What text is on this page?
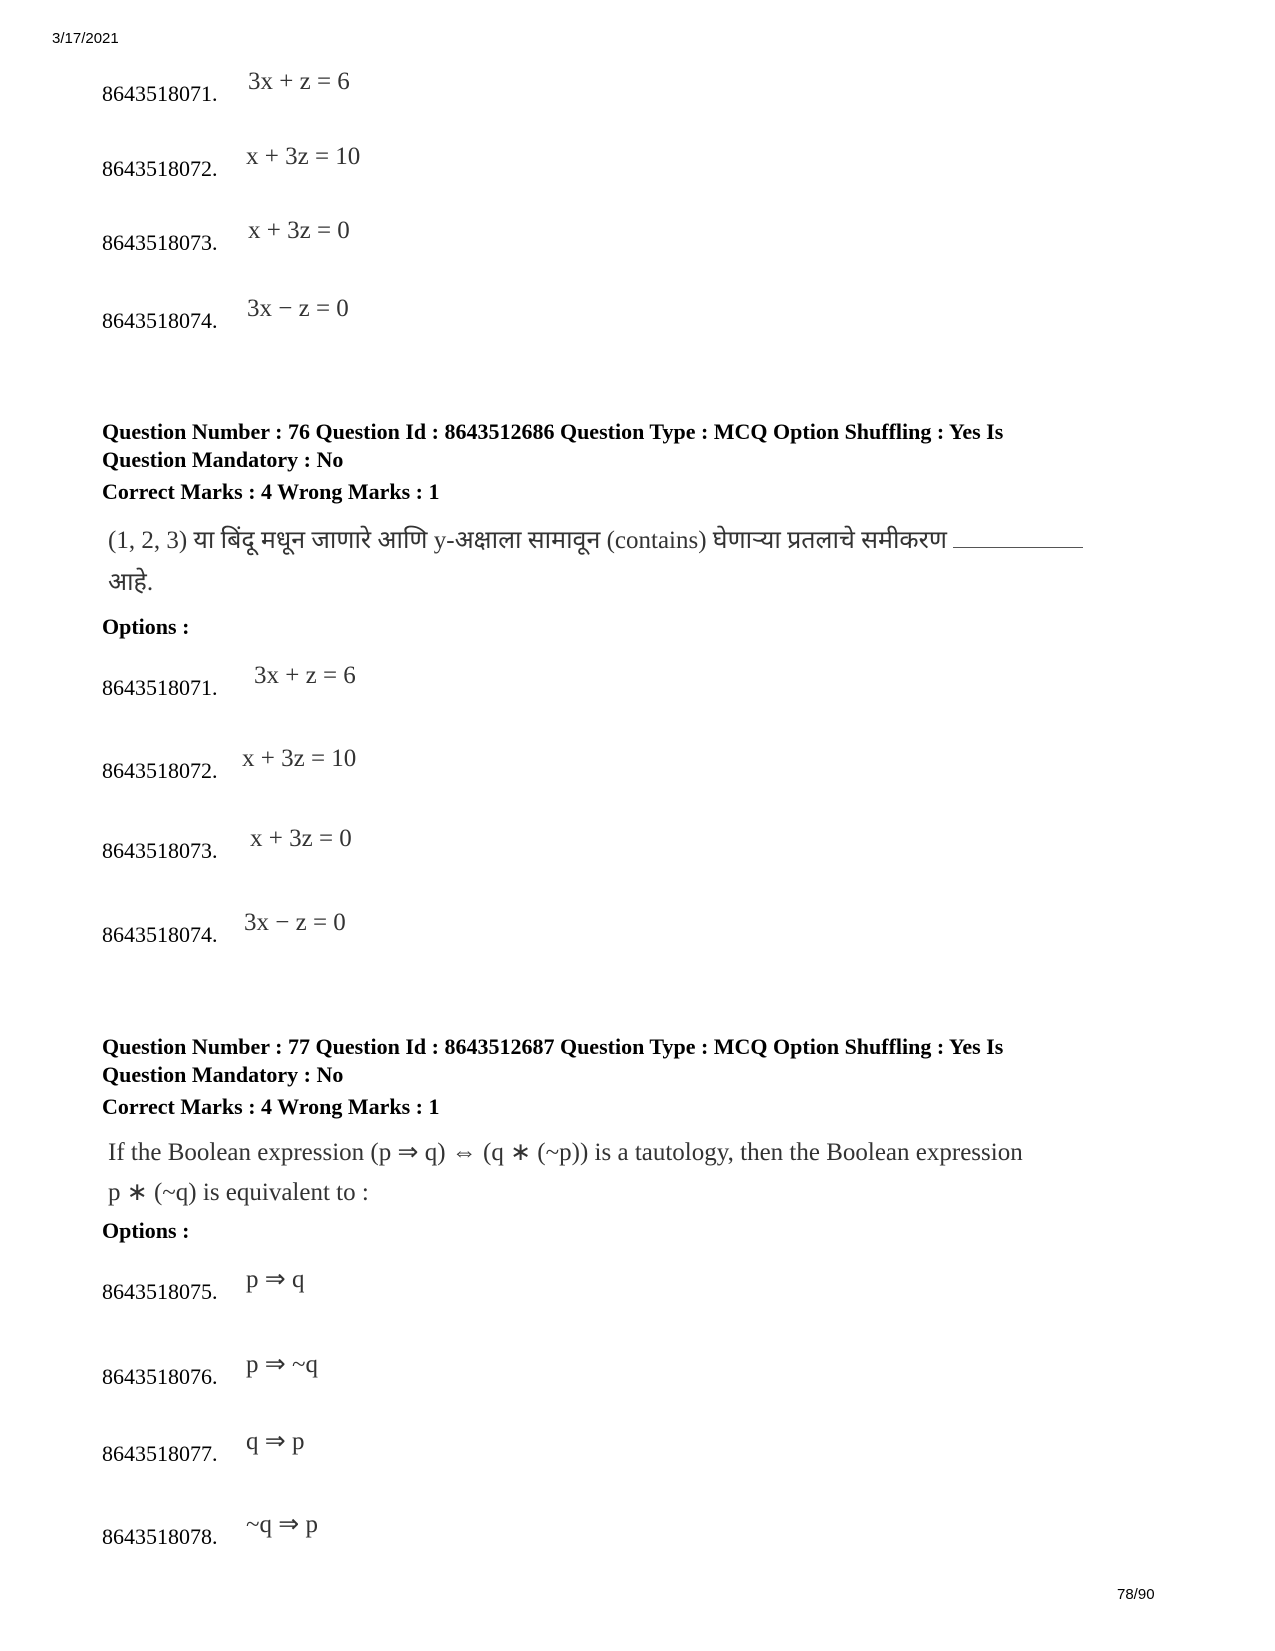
3/17/2021
8643518071. 3x + z = 6
8643518072. x + 3z = 10
8643518073. x + 3z = 0
8643518074. 3x − z = 0
Question Number : 76 Question Id : 8643512686 Question Type : MCQ Option Shuffling : Yes Is
Question Mandatory : No
Correct Marks : 4 Wrong Marks : 1
(1, 2, 3) या बिंदू मधून जाणारे आणि y-अक्षाला सामावून (contains) घेणाऱ्या प्रतलाचे समीकरण
आहे.
Options :
8643518071. 3x + z = 6
8643518072. x + 3z = 10
8643518073. x + 3z = 0
8643518074. 3x − z = 0
Question Number : 77 Question Id : 8643512687 Question Type : MCQ Option Shuffling : Yes Is
Question Mandatory : No
Correct Marks : 4 Wrong Marks : 1
If the Boolean expression (p ⇒ q) ⇔ (q ∗ (~p)) is a tautology, then the Boolean expression
p ∗ (~q) is equivalent to :
Options :
8643518075. p ⇒ q
8643518076. p ⇒ ~q
8643518077. q ⇒ p
8643518078. ~q ⇒ p
78/90
